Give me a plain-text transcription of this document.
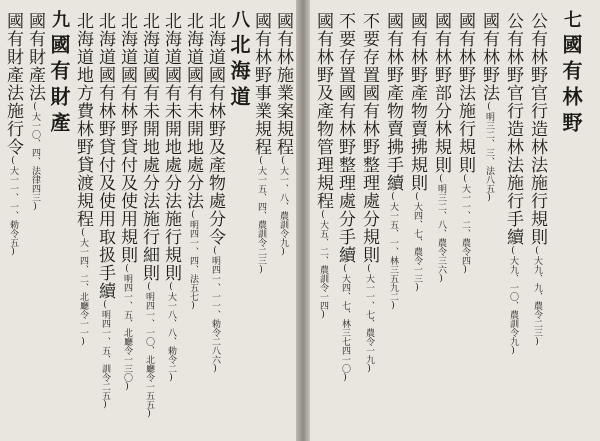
七國有林野
公有林野官行造林法施行規則(大九、九、農令二三)
公有林野官行造林法施行手續(大九、一〇、農訓令九)
國有林野法(明三二、三、法八五)
國有林野法施行規則(大一一、二、農令四)
國有林野部分林規則(明三二、八、農令三六)
國有林野產物賣拂規則(大四、七、農令一三)
國有林野產物賣拂手續(大一五、一、林三五九二)
不要存置國有林野整理處分規則(大一一、七、農令一九)
不要存置國有林野整理處分手續(大四、七、林三七四一〇)
國有林野及產物管理規程(大五、二、農訓令一四)
國有林施業案規程(大一、八、農訓令九)
國有林野事業規程(大一五、四、農訓令二三)
八北海道
北海道國有林野及產物處分令(明四一、一一、勅令二八六)
北海道國有未開地處分法(明四一、四、法五七)
北海道國有未開地處分法施行規則(大一八、八、勅令二)
北海道國有未開地處分法施行細則(明四一、一〇、北廳令一五五)
北海道國有林野貸付及使用規則(明四一、五、北廳令一三〇)
北海道國有林野貸付及使用取扱手續(明四一、五、訓令二五)
北海道地方費林野貸渡規程(大一四、二、北廳令一一)
九國有財產
國有財產法(大一〇、四、法律四三)
國有財產法施行令(大一一、一、勅令五)
